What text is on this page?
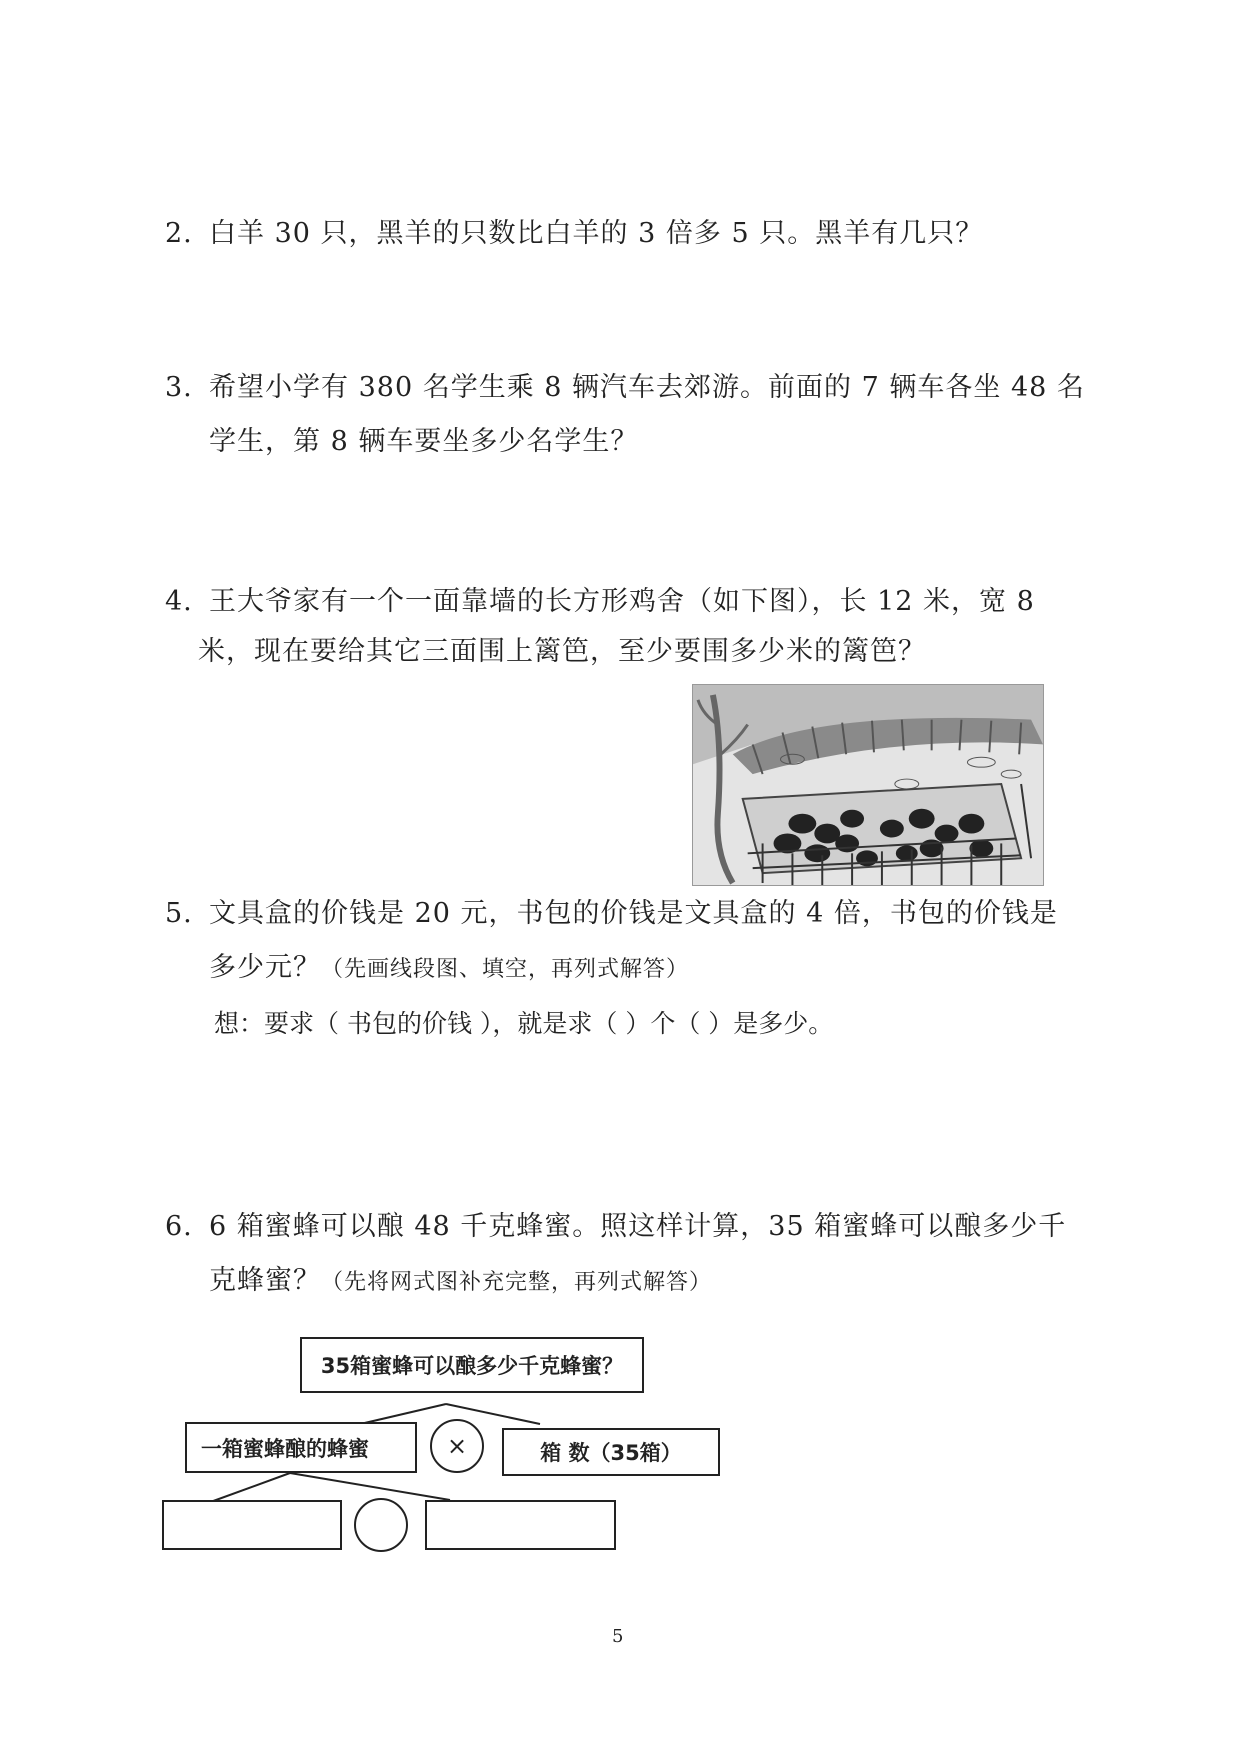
2. 白羊 30 只，黑羊的只数比白羊的 3 倍多 5 只。黑羊有几只？
3. 希望小学有 380 名学生乘 8 辆汽车去郊游。前面的 7 辆车各坐 48 名
学生，第 8 辆车要坐多少名学生？
4. 王大爷家有一个一面靠墙的长方形鸡舍（如下图），长 12 米，宽 8
米，现在要给其它三面围上篱笆，至少要围多少米的篱笆？
5. 文具盒的价钱是 20 元，书包的价钱是文具盒的 4 倍，书包的价钱是
多少元？（先画线段图、填空，再列式解答）
想：要求（ 书包的价钱 ），就是求（ ）个（ ）是多少。
6. 6 箱蜜蜂可以酿 48 千克蜂蜜。照这样计算，35 箱蜜蜂可以酿多少千
克蜂蜜？（先将网式图补充完整，再列式解答）
35箱蜜蜂可以酿多少千克蜂蜜？
一箱蜜蜂酿的蜂蜜	×	箱 数（35箱）
5
